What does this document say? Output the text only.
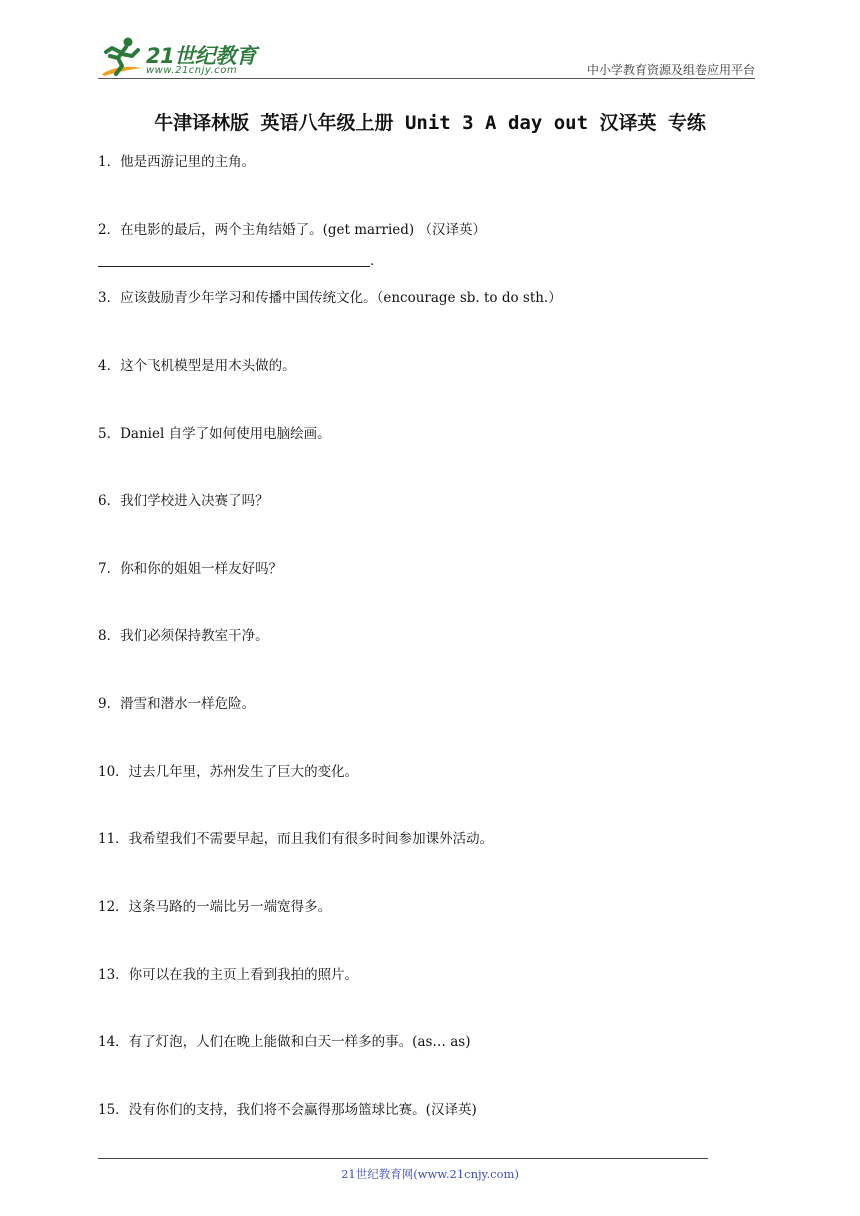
21世纪教育
www.21cnjy.com	中小学教育资源及组卷应用平台
牛津译林版 英语八年级上册 Unit 3 A day out 汉译英 专练
1．他是西游记里的主角。
2．在电影的最后，两个主角结婚了。(get married) （汉译英）
.
3．应该鼓励青少年学习和传播中国传统文化。（encourage sb. to do sth.）
4．这个飞机模型是用木头做的。
5．Daniel 自学了如何使用电脑绘画。
6．我们学校进入决赛了吗？
7．你和你的姐姐一样友好吗？
8．我们必须保持教室干净。
9．滑雪和潜水一样危险。
10．过去几年里，苏州发生了巨大的变化。
11．我希望我们不需要早起，而且我们有很多时间参加课外活动。
12．这条马路的一端比另一端宽得多。
13．你可以在我的主页上看到我拍的照片。
14．有了灯泡，人们在晚上能做和白天一样多的事。(as… as)
15．没有你们的支持，我们将不会赢得那场篮球比赛。(汉译英)
21世纪教育网(www.21cnjy.com)
